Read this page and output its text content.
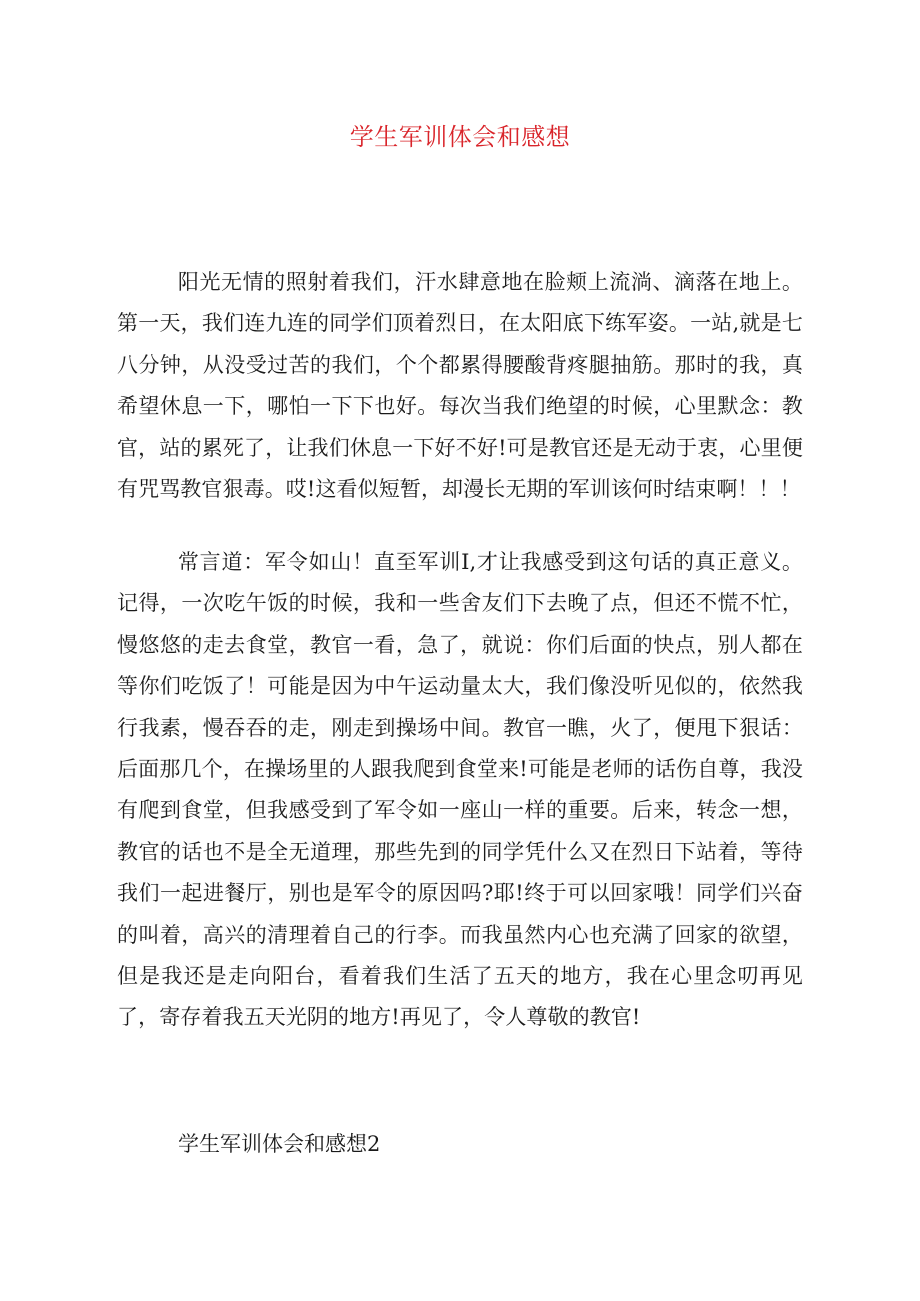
学生军训体会和感想

阳光无情的照射着我们，汗水肆意地在脸颊上流淌、滴落在地上。第一天，我们连九连的同学们顶着烈日，在太阳底下练军姿。一站,就是七八分钟，从没受过苦的我们，个个都累得腰酸背疼腿抽筋。那时的我，真希望休息一下，哪怕一下下也好。每次当我们绝望的时候，心里默念：教官，站的累死了，让我们休息一下好不好!可是教官还是无动于衷，心里便有咒骂教官狠毒。哎!这看似短暂，却漫长无期的军训该何时结束啊！！！

常言道：军令如山！直至军训I,才让我感受到这句话的真正意义。记得，一次吃午饭的时候，我和一些舍友们下去晚了点，但还不慌不忙，慢悠悠的走去食堂，教官一看，急了，就说：你们后面的快点，别人都在等你们吃饭了！可能是因为中午运动量太大，我们像没听见似的，依然我行我素，慢吞吞的走，刚走到操场中间。教官一瞧，火了，便甩下狠话：后面那几个，在操场里的人跟我爬到食堂来!可能是老师的话伤自尊，我没有爬到食堂，但我感受到了军令如一座山一样的重要。后来，转念一想，教官的话也不是全无道理，那些先到的同学凭什么又在烈日下站着，等待我们一起进餐厅，别也是军令的原因吗?耶!终于可以回家哦！同学们兴奋的叫着，高兴的清理着自己的行李。而我虽然内心也充满了回家的欲望，但是我还是走向阳台，看着我们生活了五天的地方，我在心里念叨再见了，寄存着我五天光阴的地方!再见了，令人尊敬的教官!

学生军训体会和感想2
